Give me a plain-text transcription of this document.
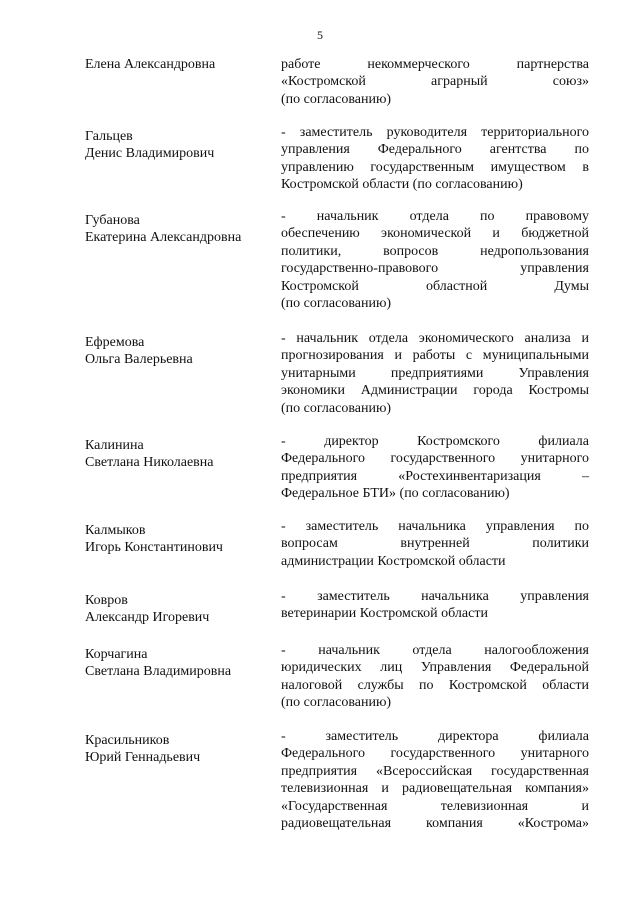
5
Елена Александровна	работе некоммерческого партнерства
«Костромской аграрный союз»
(по согласованию)
Гальцев
Денис Владимирович
- заместитель руководителя территориального
управления Федерального агентства по
управлению государственным имуществом в
Костромской области (по согласованию)
Губанова
Екатерина Александровна
- начальник отдела по правовому
обеспечению экономической и бюджетной
политики, вопросов недропользования
государственно-правового управления
Костромской областной Думы
(по согласованию)
Ефремова
Ольга Валерьевна
- начальник отдела экономического анализа и
прогнозирования и работы с муниципальными
унитарными предприятиями Управления
экономики Администрации города Костромы
(по согласованию)
Калинина
Светлана Николаевна
- директор Костромского филиала
Федерального государственного унитарного
предприятия «Ростехинвентаризация –
Федеральное БТИ» (по согласованию)
Калмыков
Игорь Константинович
- заместитель начальника управления по
вопросам внутренней политики
администрации Костромской области
Ковров
Александр Игоревич
- заместитель начальника управления
ветеринарии Костромской области
Корчагина
Светлана Владимировна
- начальник отдела налогообложения
юридических лиц Управления Федеральной
налоговой службы по Костромской области
(по согласованию)
Красильников
Юрий Геннадьевич
- заместитель директора филиала
Федерального государственного унитарного
предприятия «Всероссийская государственная
телевизионная и радиовещательная компания»
«Государственная телевизионная и
радиовещательная компания «Кострома»
